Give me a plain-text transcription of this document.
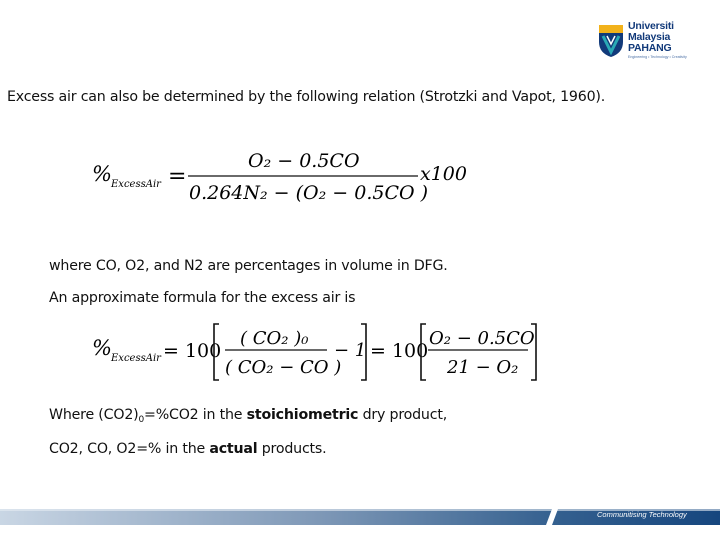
Universiti
Malaysia
PAHANG
Engineering • Technology • Creativity
Excess air can also be determined by the following relation (Strotzki and Vapot, 1960).
% ExcessAir =
O₂ − 0.5CO
0.264N₂ − (O₂ − 0.5CO )
x100
where CO, O2, and N2 are percentages in volume in DFG.
An approximate formula for the excess air is
% ExcessAir = 100
( CO₂ )₀
( CO₂ − CO )
− 1 = 100
O₂ − 0.5CO
21 − O₂
Where $(CO2)_0=\%CO2$ in the stoichiometric dry product,
CO2, CO, O2=% in the actual products.
Communitising Technology
